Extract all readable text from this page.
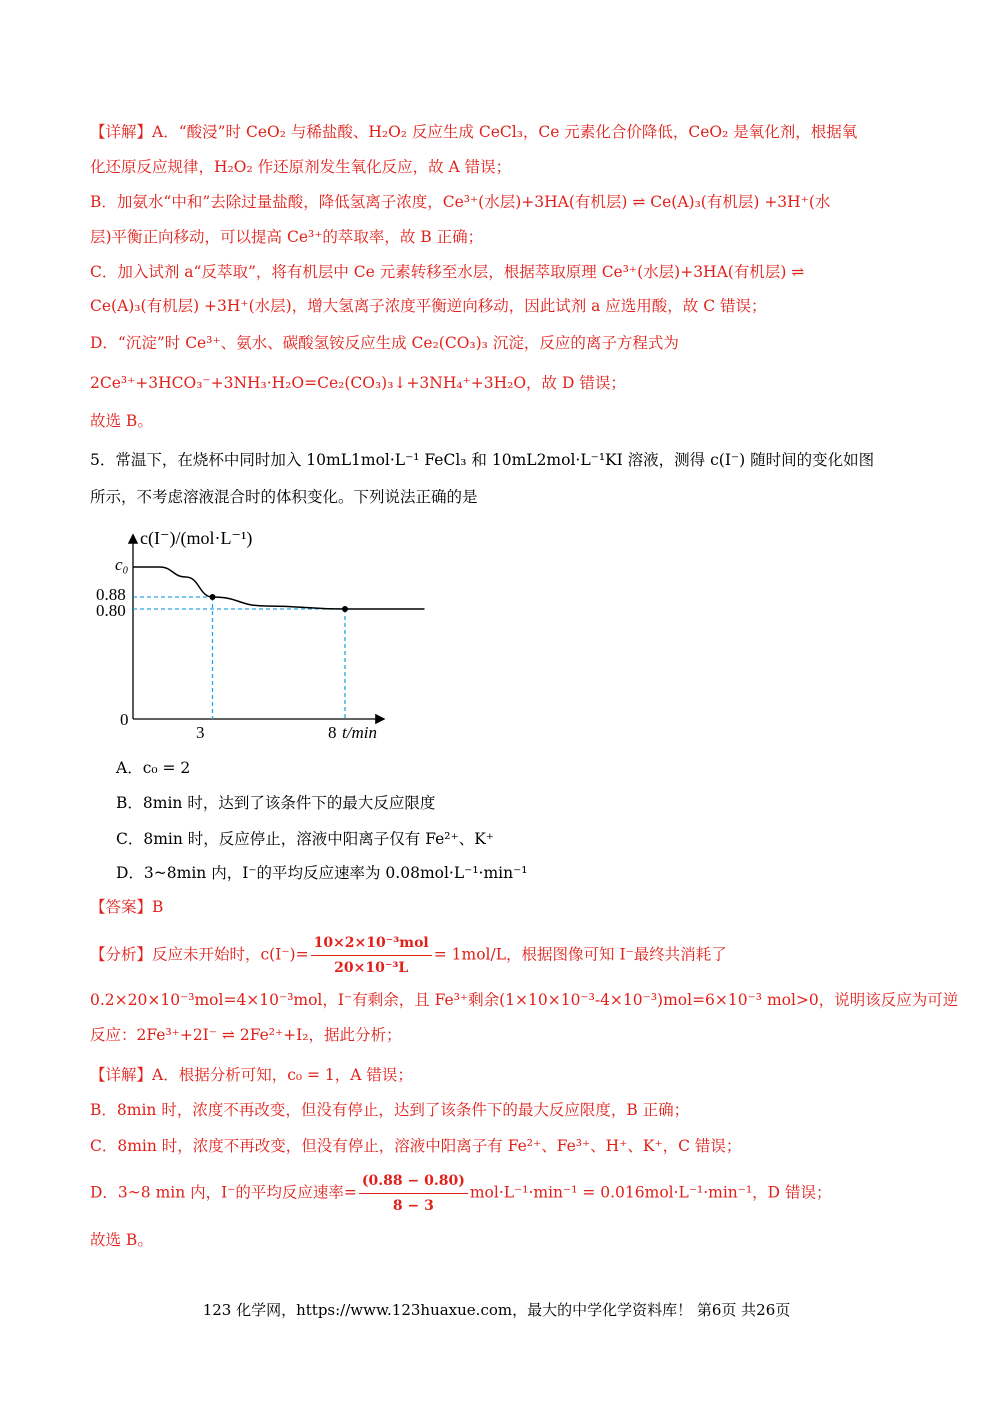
【详解】A．“酸浸”时 CeO₂ 与稀盐酸、H₂O₂ 反应生成 CeCl₃，Ce 元素化合价降低，CeO₂ 是氧化剂，根据氧
化还原反应规律，H₂O₂ 作还原剂发生氧化反应，故 A 错误；
B．加氨水“中和”去除过量盐酸，降低氢离子浓度，Ce³⁺(水层)+3HA(有机层) ⇌ Ce(A)₃(有机层) +3H⁺(水
层)平衡正向移动，可以提高 Ce³⁺的萃取率，故 B 正确；
C．加入试剂 a“反萃取”，将有机层中 Ce 元素转移至水层，根据萃取原理 Ce³⁺(水层)+3HA(有机层) ⇌
Ce(A)₃(有机层) +3H⁺(水层)，增大氢离子浓度平衡逆向移动，因此试剂 a 应选用酸，故 C 错误；
D．“沉淀”时 Ce³⁺、氨水、碳酸氢铵反应生成 Ce₂(CO₃)₃ 沉淀，反应的离子方程式为
2Ce³⁺+3HCO₃⁻+3NH₃·H₂O=Ce₂(CO₃)₃↓+3NH₄⁺+3H₂O，故 D 错误；
故选 B。
5．常温下，在烧杯中同时加入 10mL1mol·L⁻¹ FeCl₃ 和 10mL2mol·L⁻¹KI 溶液，测得 c(I⁻) 随时间的变化如图
所示，不考虑溶液混合时的体积变化。下列说法正确的是
c(I⁻)/(mol·L⁻¹)
t/min
c₀
0.88
0.80
0
3	8
A．c₀ = 2
B．8min 时，达到了该条件下的最大反应限度
C．8min 时，反应停止，溶液中阳离子仅有 Fe²⁺、K⁺
D．3~8min 内，I⁻的平均反应速率为 0.08mol·L⁻¹·min⁻¹
【答案】B
【分析】反应未开始时，$c(I^-)= \frac{\text{10×2×10⁻³mol}}{\text{20×10⁻³L}} = 1mol/L$，根据图像可知 I⁻最终共消耗了
0.2×20×10⁻³mol=4×10⁻³mol，I⁻有剩余，且 Fe³⁺剩余(1×10×10⁻³-4×10⁻³)mol=6×10⁻³ mol>0，说明该反应为可逆
反应：2Fe³⁺+2I⁻ ⇌ 2Fe²⁺+I₂，据此分析；
【详解】A．根据分析可知，c₀ = 1，A 错误；
B．8min 时，浓度不再改变，但没有停止，达到了该条件下的最大反应限度，B 正确；
C．8min 时，浓度不再改变，但没有停止，溶液中阳离子有 Fe²⁺、Fe³⁺、H⁺、K⁺，C 错误；
D．3~8 min 内，I⁻的平均反应速率= $\frac{(0.88 - 0.80)}{8 - 3} mol\cdot L^{-1}\cdot\min^{-1} = 0.016mol\cdot L^{-1}\cdot\min^{-1}$，D 错误；
故选 B。
123 化学网，https://www.123huaxue.com，最大的中学化学资料库！ 第6页 共26页
